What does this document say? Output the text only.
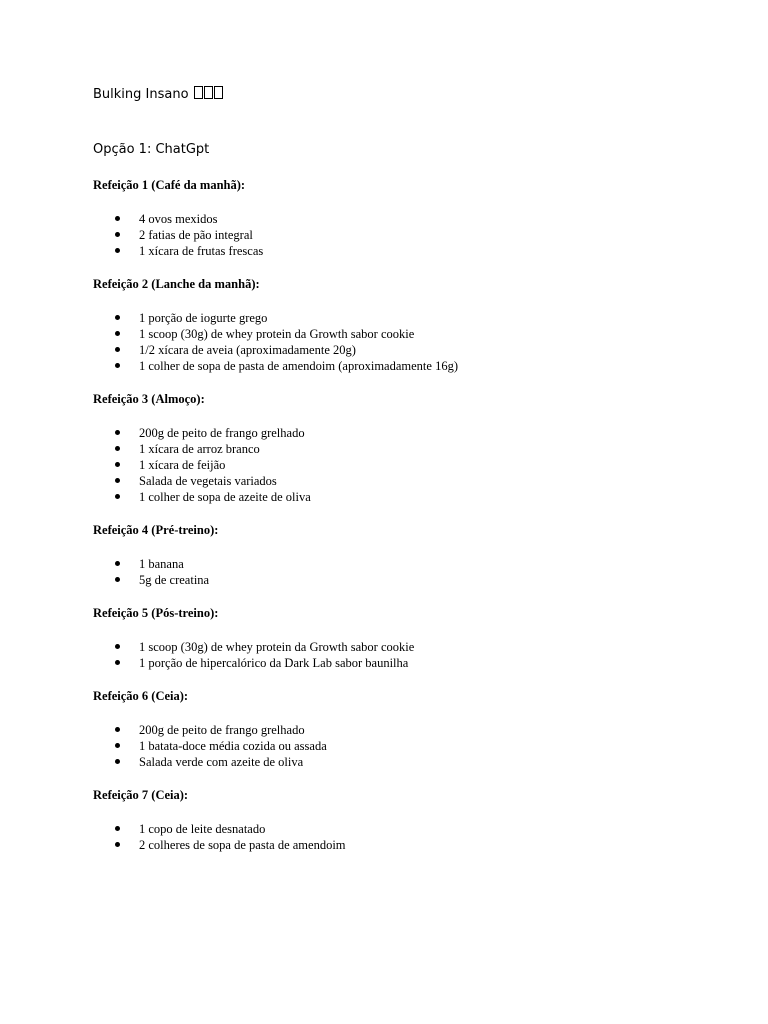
Bulking Insano
Opção 1: ChatGpt
Refeição 1 (Café da manhã):
4 ovos mexidos
2 fatias de pão integral
1 xícara de frutas frescas
Refeição 2 (Lanche da manhã):
1 porção de iogurte grego
1 scoop (30g) de whey protein da Growth sabor cookie
1/2 xícara de aveia (aproximadamente 20g)
1 colher de sopa de pasta de amendoim (aproximadamente 16g)
Refeição 3 (Almoço):
200g de peito de frango grelhado
1 xícara de arroz branco
1 xícara de feijão
Salada de vegetais variados
1 colher de sopa de azeite de oliva
Refeição 4 (Pré-treino):
1 banana
5g de creatina
Refeição 5 (Pós-treino):
1 scoop (30g) de whey protein da Growth sabor cookie
1 porção de hipercalórico da Dark Lab sabor baunilha
Refeição 6 (Ceia):
200g de peito de frango grelhado
1 batata-doce média cozida ou assada
Salada verde com azeite de oliva
Refeição 7 (Ceia):
1 copo de leite desnatado
2 colheres de sopa de pasta de amendoim
